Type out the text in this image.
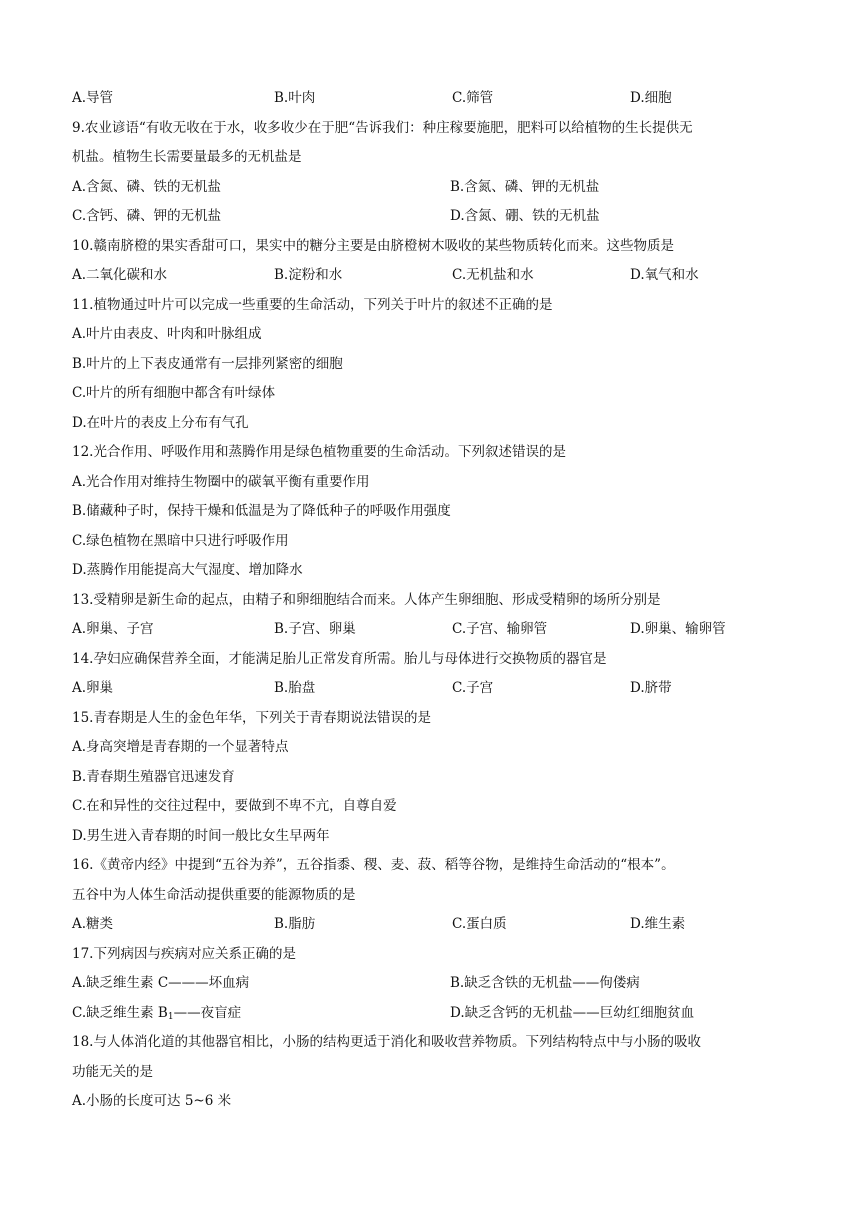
A.导管	B.叶肉	C.筛管	D.细胞
9.农业谚语“有收无收在于水，收多收少在于肥“告诉我们：种庄稼要施肥，肥料可以给植物的生长提供无
机盐。植物生长需要量最多的无机盐是
A.含氮、磷、铁的无机盐	B.含氮、磷、钾的无机盐
C.含钙、磷、钾的无机盐	D.含氮、硼、铁的无机盐
10.赣南脐橙的果实香甜可口，果实中的糖分主要是由脐橙树木吸收的某些物质转化而来。这些物质是
A.二氧化碳和水	B.淀粉和水	C.无机盐和水	D.氧气和水
11.植物通过叶片可以完成一些重要的生命活动，下列关于叶片的叙述不正确的是
A.叶片由表皮、叶肉和叶脉组成
B.叶片的上下表皮通常有一层排列紧密的细胞
C.叶片的所有细胞中都含有叶绿体
D.在叶片的表皮上分布有气孔
12.光合作用、呼吸作用和蒸腾作用是绿色植物重要的生命活动。下列叙述错误的是
A.光合作用对维持生物圈中的碳氧平衡有重要作用
B.储藏种子时，保持干燥和低温是为了降低种子的呼吸作用强度
C.绿色植物在黑暗中只进行呼吸作用
D.蒸腾作用能提高大气湿度、增加降水
13.受精卵是新生命的起点，由精子和卵细胞结合而来。人体产生卵细胞、形成受精卵的场所分别是
A.卵巢、子宫	B.子宫、卵巢	C.子宫、输卵管	D.卵巢、输卵管
14.孕妇应确保营养全面，才能满足胎儿正常发育所需。胎儿与母体进行交换物质的器官是
A.卵巢	B.胎盘	C.子宫	D.脐带
15.青春期是人生的金色年华，下列关于青春期说法错误的是
A.身高突增是青春期的一个显著特点
B.青春期生殖器官迅速发育
C.在和异性的交往过程中，要做到不卑不亢，自尊自爱
D.男生进入青春期的时间一般比女生早两年
16.《黄帝内经》中提到“五谷为养”，五谷指黍、稷、麦、菽、稻等谷物，是维持生命活动的“根本”。
五谷中为人体生命活动提供重要的能源物质的是
A.糖类	B.脂肪	C.蛋白质	D.维生素
17.下列病因与疾病对应关系正确的是
A.缺乏维生素 C———坏血病	B.缺乏含铁的无机盐——佝偻病
C.缺乏维生素 $B_1——$夜盲症	D.缺乏含钙的无机盐——巨幼红细胞贫血
18.与人体消化道的其他器官相比，小肠的结构更适于消化和吸收营养物质。下列结构特点中与小肠的吸收
功能无关的是
A.小肠的长度可达 5~6 米
